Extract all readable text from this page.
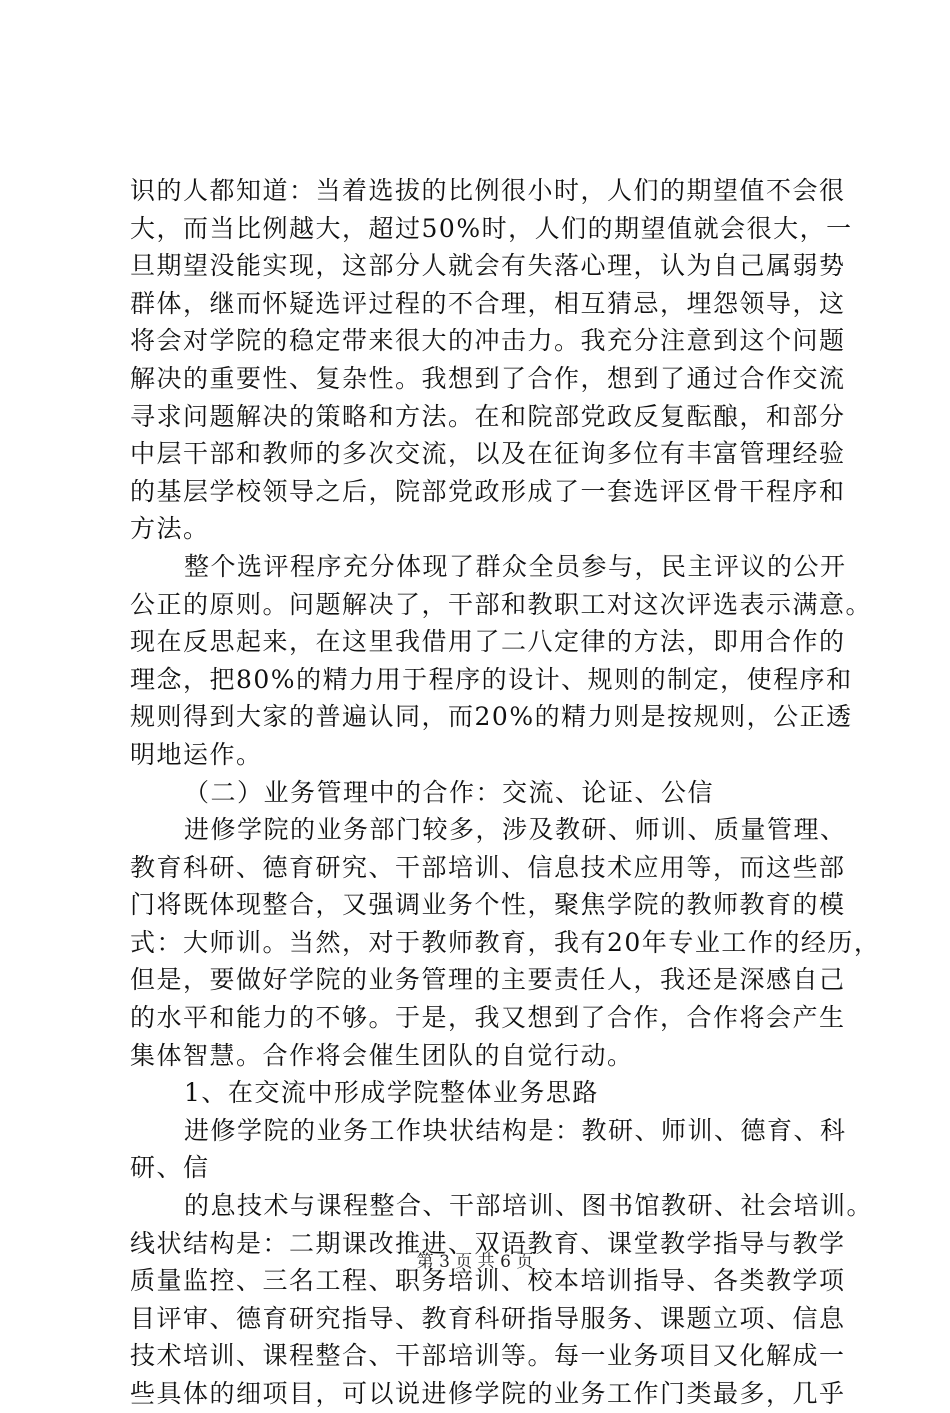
识的人都知道：当着选拔的比例很小时，人们的期望值不会很
大，而当比例越大，超过50%时，人们的期望值就会很大，一
旦期望没能实现，这部分人就会有失落心理，认为自己属弱势
群体，继而怀疑选评过程的不合理，相互猜忌，埋怨领导，这
将会对学院的稳定带来很大的冲击力。我充分注意到这个问题
解决的重要性、复杂性。我想到了合作，想到了通过合作交流
寻求问题解决的策略和方法。在和院部党政反复酝酿，和部分
中层干部和教师的多次交流，以及在征询多位有丰富管理经验
的基层学校领导之后，院部党政形成了一套选评区骨干程序和
方法。
整个选评程序充分体现了群众全员参与，民主评议的公开
公正的原则。问题解决了，干部和教职工对这次评选表示满意。
现在反思起来，在这里我借用了二八定律的方法，即用合作的
理念，把80%的精力用于程序的设计、规则的制定，使程序和
规则得到大家的普遍认同，而20%的精力则是按规则，公正透
明地运作。
（二）业务管理中的合作：交流、论证、公信
进修学院的业务部门较多，涉及教研、师训、质量管理、
教育科研、德育研究、干部培训、信息技术应用等，而这些部
门将既体现整合，又强调业务个性，聚焦学院的教师教育的模
式：大师训。当然，对于教师教育，我有20年专业工作的经历，
但是，要做好学院的业务管理的主要责任人，我还是深感自己
的水平和能力的不够。于是，我又想到了合作，合作将会产生
集体智慧。合作将会催生团队的自觉行动。
1、在交流中形成学院整体业务思路
进修学院的业务工作块状结构是：教研、师训、德育、科
研、信
的息技术与课程整合、干部培训、图书馆教研、社会培训。
线状结构是：二期课改推进、双语教育、课堂教学指导与教学
质量监控、三名工程、职务培训、校本培训指导、各类教学项
目评审、德育研究指导、教育科研指导服务、课题立项、信息
技术培训、课程整合、干部培训等。每一业务项目又化解成一
些具体的细项目，可以说进修学院的业务工作门类最多，几乎
第 3 页 共 6 页
